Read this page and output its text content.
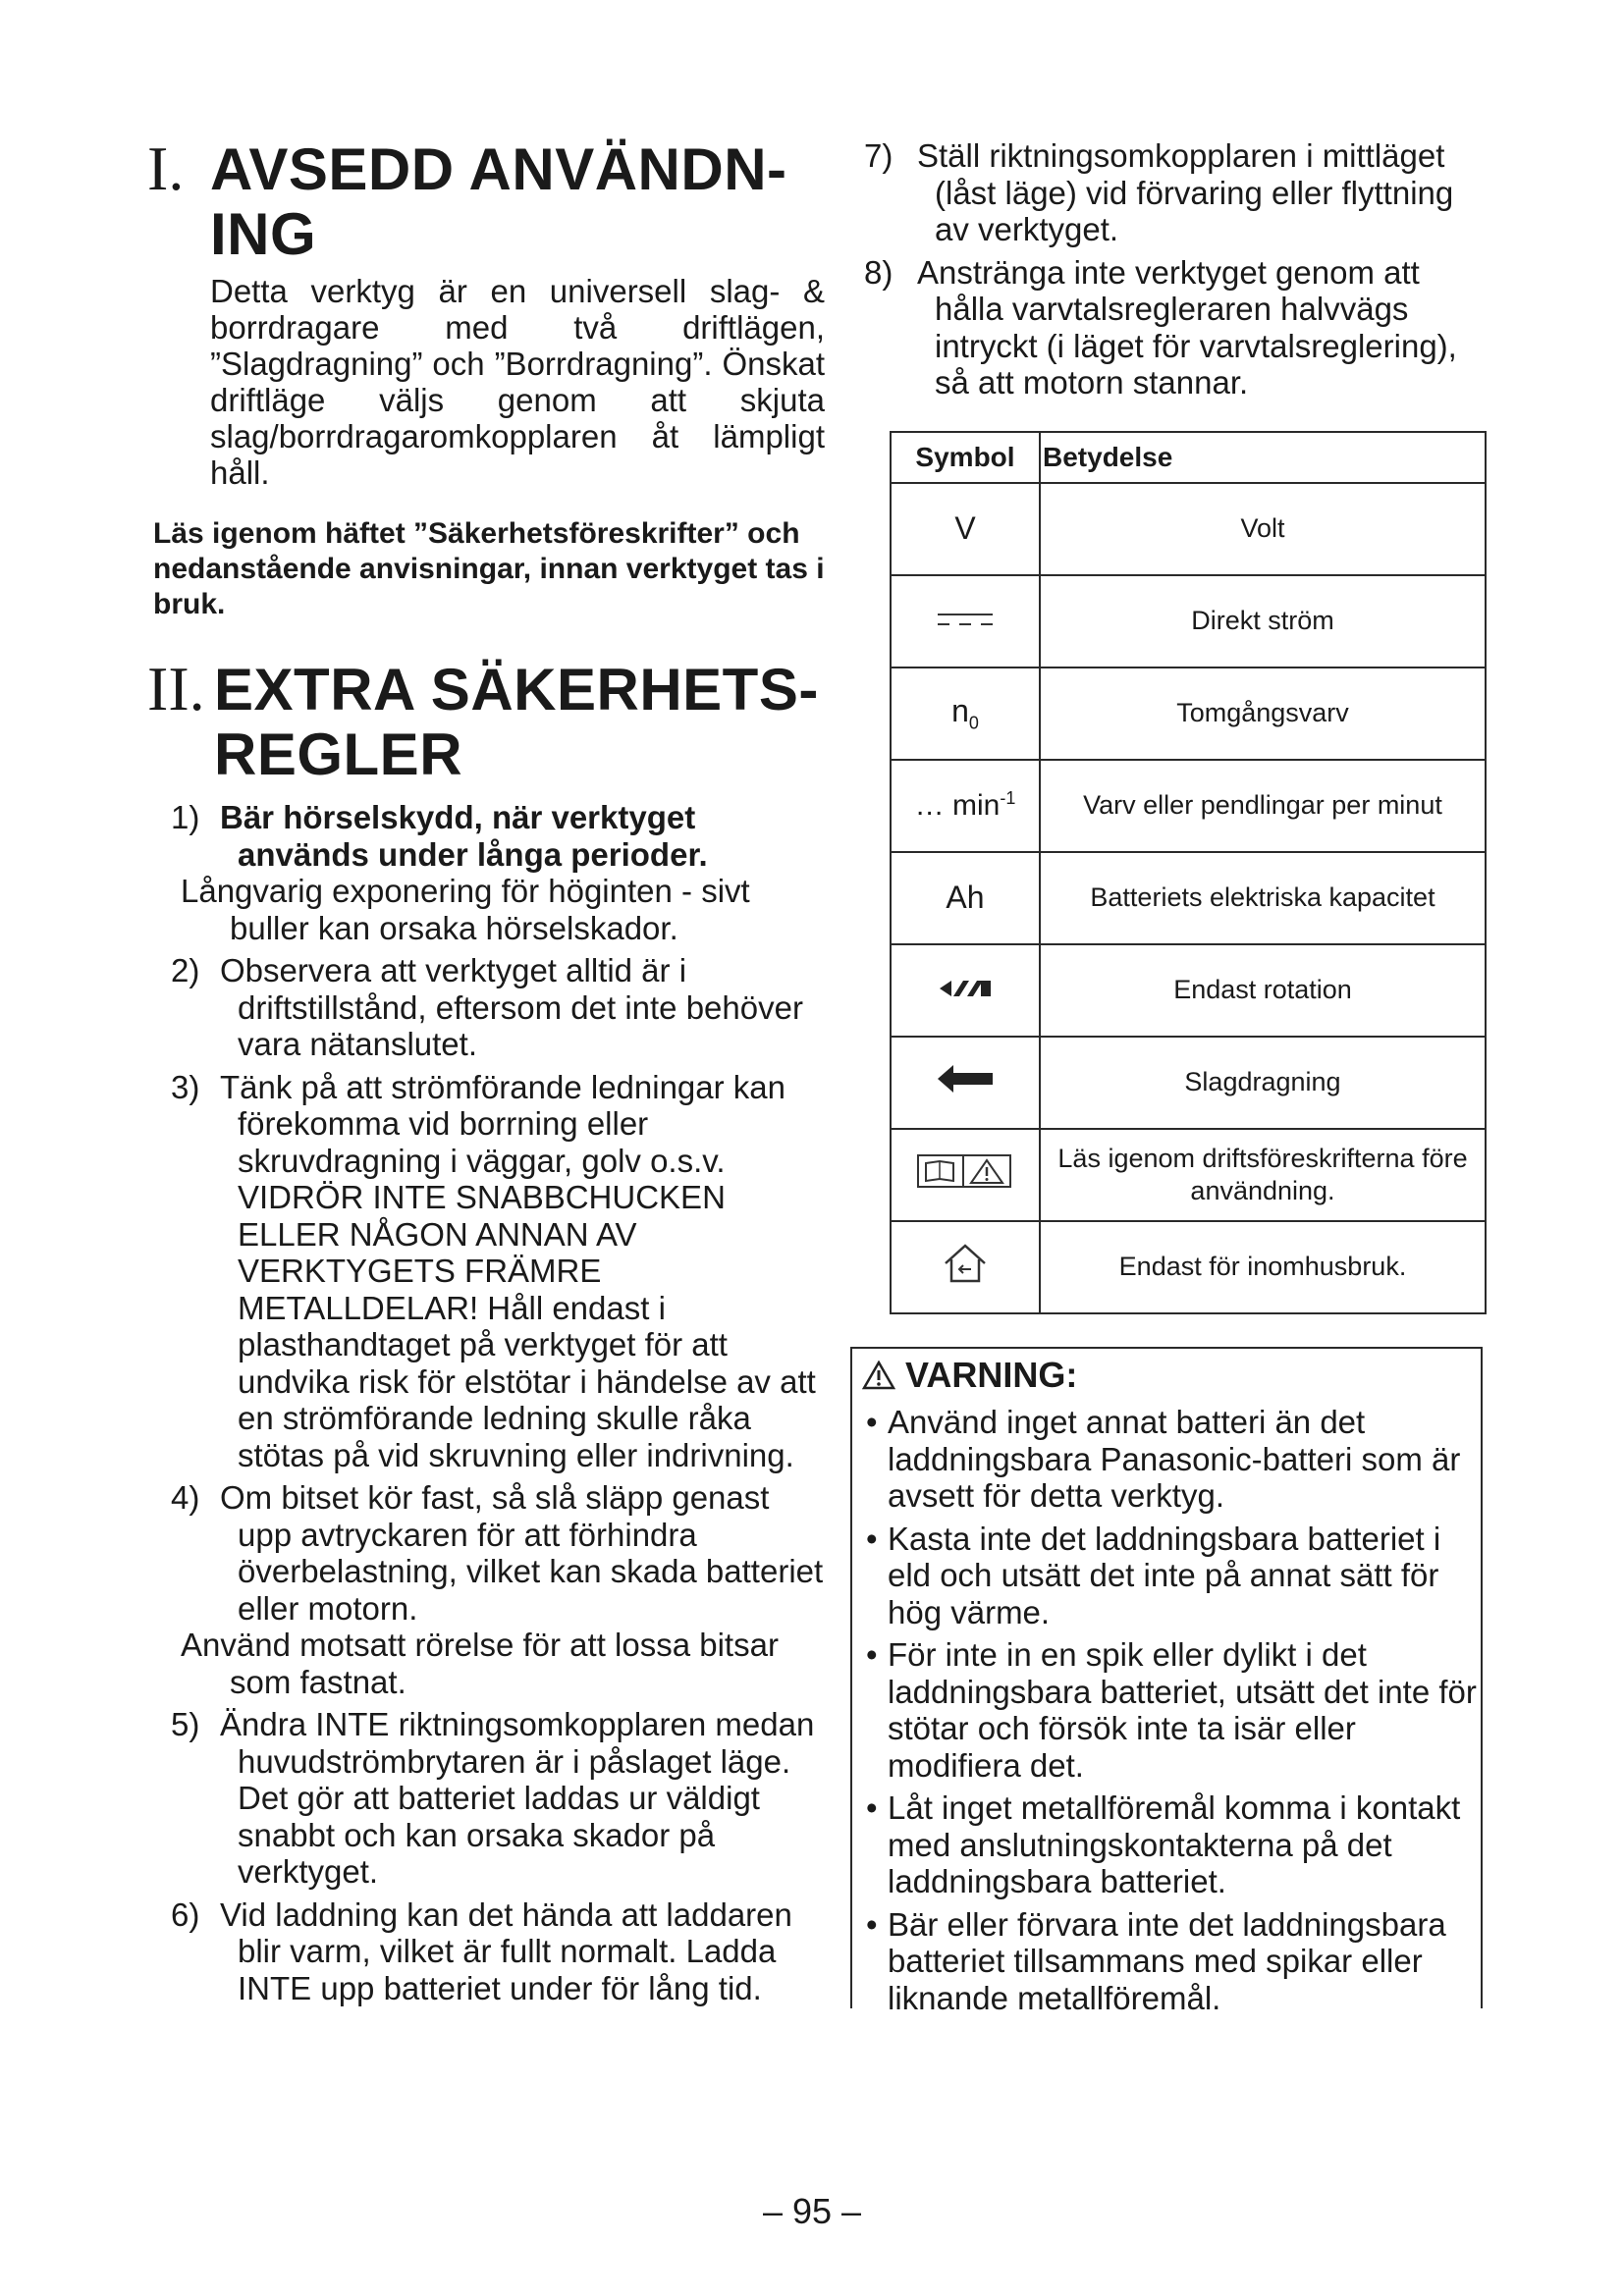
I. AVSEDD ANVÄNDN-
ING

Detta verktyg är en universell slag- & borrdragare med två driftlägen, ”Slagdragning” och ”Borrdragning”. Önskat driftläge väljs genom att skjuta slag/borrdragaromkopplaren åt lämpligt håll.

Läs igenom häftet ”Säkerhetsföreskrifter” och nedanstående anvisningar, innan verktyget tas i bruk.
II. EXTRA SÄKERHETS-
REGLER
1) Bär hörselskydd, när verktyget används under långa perioder.
Långvarig exponering för höginten - sivt buller kan orsaka hörselskador.
2) Observera att verktyget alltid är i driftstillstånd, eftersom det inte behöver vara nätanslutet.
3) Tänk på att strömförande ledningar kan förekomma vid borrning eller skruvdragning i väggar, golv o.s.v. VIDRÖR INTE SNABBCHUCKEN ELLER NÅGON ANNAN AV VERKTYGETS FRÄMRE METALLDELAR! Håll endast i plasthandtaget på verktyget för att undvika risk för elstötar i händelse av att en strömförande ledning skulle råka stötas på vid skruvning eller indrivning.
4) Om bitset kör fast, så slå släpp genast upp avtryckaren för att förhindra överbelastning, vilket kan skada batteriet eller motorn.
Använd motsatt rörelse för att lossa bitsar som fastnat.
5) Ändra INTE riktningsomkopplaren medan huvudströmbrytaren är i påslaget läge. Det gör att batteriet laddas ur väldigt snabbt och kan orsaka skador på verktyget.
6) Vid laddning kan det hända att laddaren blir varm, vilket är fullt normalt. Ladda INTE upp batteriet under för lång tid.
7) Ställ riktningsomkopplaren i mittläget (låst läge) vid förvaring eller flyttning av verktyget.
8) Anstränga inte verktyget genom att hålla varvtalsregleraren halvvägs intryckt (i läget för varvtalsreglering), så att motorn stannar.
Symbol	Betydelse
V	Volt
	Direkt ström
$n_0$	Tomgångsvarv
… $\min^{-1}$	Varv eller pendlingar per minut
Ah	Batteriets elektriska kapacitet
	Endast rotation
	Slagdragning
	Läs igenom driftsföreskrifterna före användning.
	Endast för inomhusbruk.
VARNING:
• Använd inget annat batteri än det laddningsbara Panasonic-batteri som är avsett för detta verktyg.
• Kasta inte det laddningsbara batteriet i eld och utsätt det inte på annat sätt för hög värme.
• För inte in en spik eller dylikt i det laddningsbara batteriet, utsätt det inte för stötar och försök inte ta isär eller modifiera det.
• Låt inget metallföremål komma i kontakt med anslutningskontakterna på det laddningsbara batteriet.
• Bär eller förvara inte det laddningsbara batteriet tillsammans med spikar eller liknande metallföremål.
– 95 –
